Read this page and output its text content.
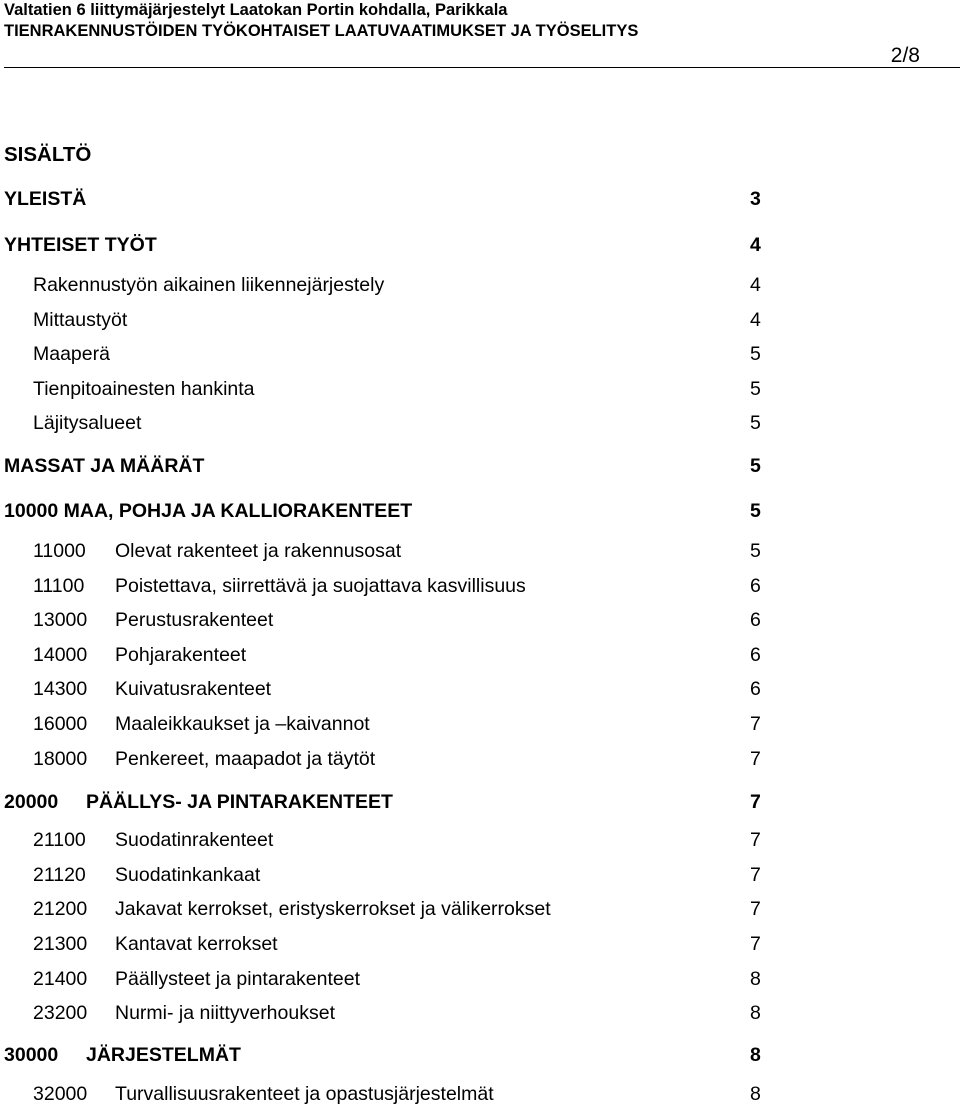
Valtatien 6 liittymäjärjestelyt Laatokan Portin kohdalla, Parikkala
TIENRAKENNUSTÖIDEN TYÖKOHTAISET LAATUVAATIMUKSET JA TYÖSELITYS
2/8
SISÄLTÖ
YLEISTÄ	3
YHTEISET TYÖT	4
Rakennustyön aikainen liikennejärjestely	4
Mittaustyöt	4
Maaperä	5
Tienpitoainesten hankinta	5
Läjitysalueet	5
MASSAT JA MÄÄRÄT	5
10000 MAA, POHJA JA KALLIORAKENTEET	5
11000 Olevat rakenteet ja rakennusosat	5
11100 Poistettava, siirrettävä ja suojattava kasvillisuus	6
13000 Perustusrakenteet	6
14000 Pohjarakenteet	6
14300 Kuivatusrakenteet	6
16000 Maaleikkaukset ja –kaivannot	7
18000 Penkereet, maapadot ja täytöt	7
20000 PÄÄLLYS- JA PINTARAKENTEET	7
21100 Suodatinrakenteet	7
21120 Suodatinkankaat	7
21200 Jakavat kerrokset, eristyskerrokset ja välikerrokset	7
21300 Kantavat kerrokset	7
21400 Päällysteet ja pintarakenteet	8
23200 Nurmi- ja niittyverhoukset	8
30000 JÄRJESTELMÄT	8
32000 Turvallisuusrakenteet ja opastusjärjestelmät	8
